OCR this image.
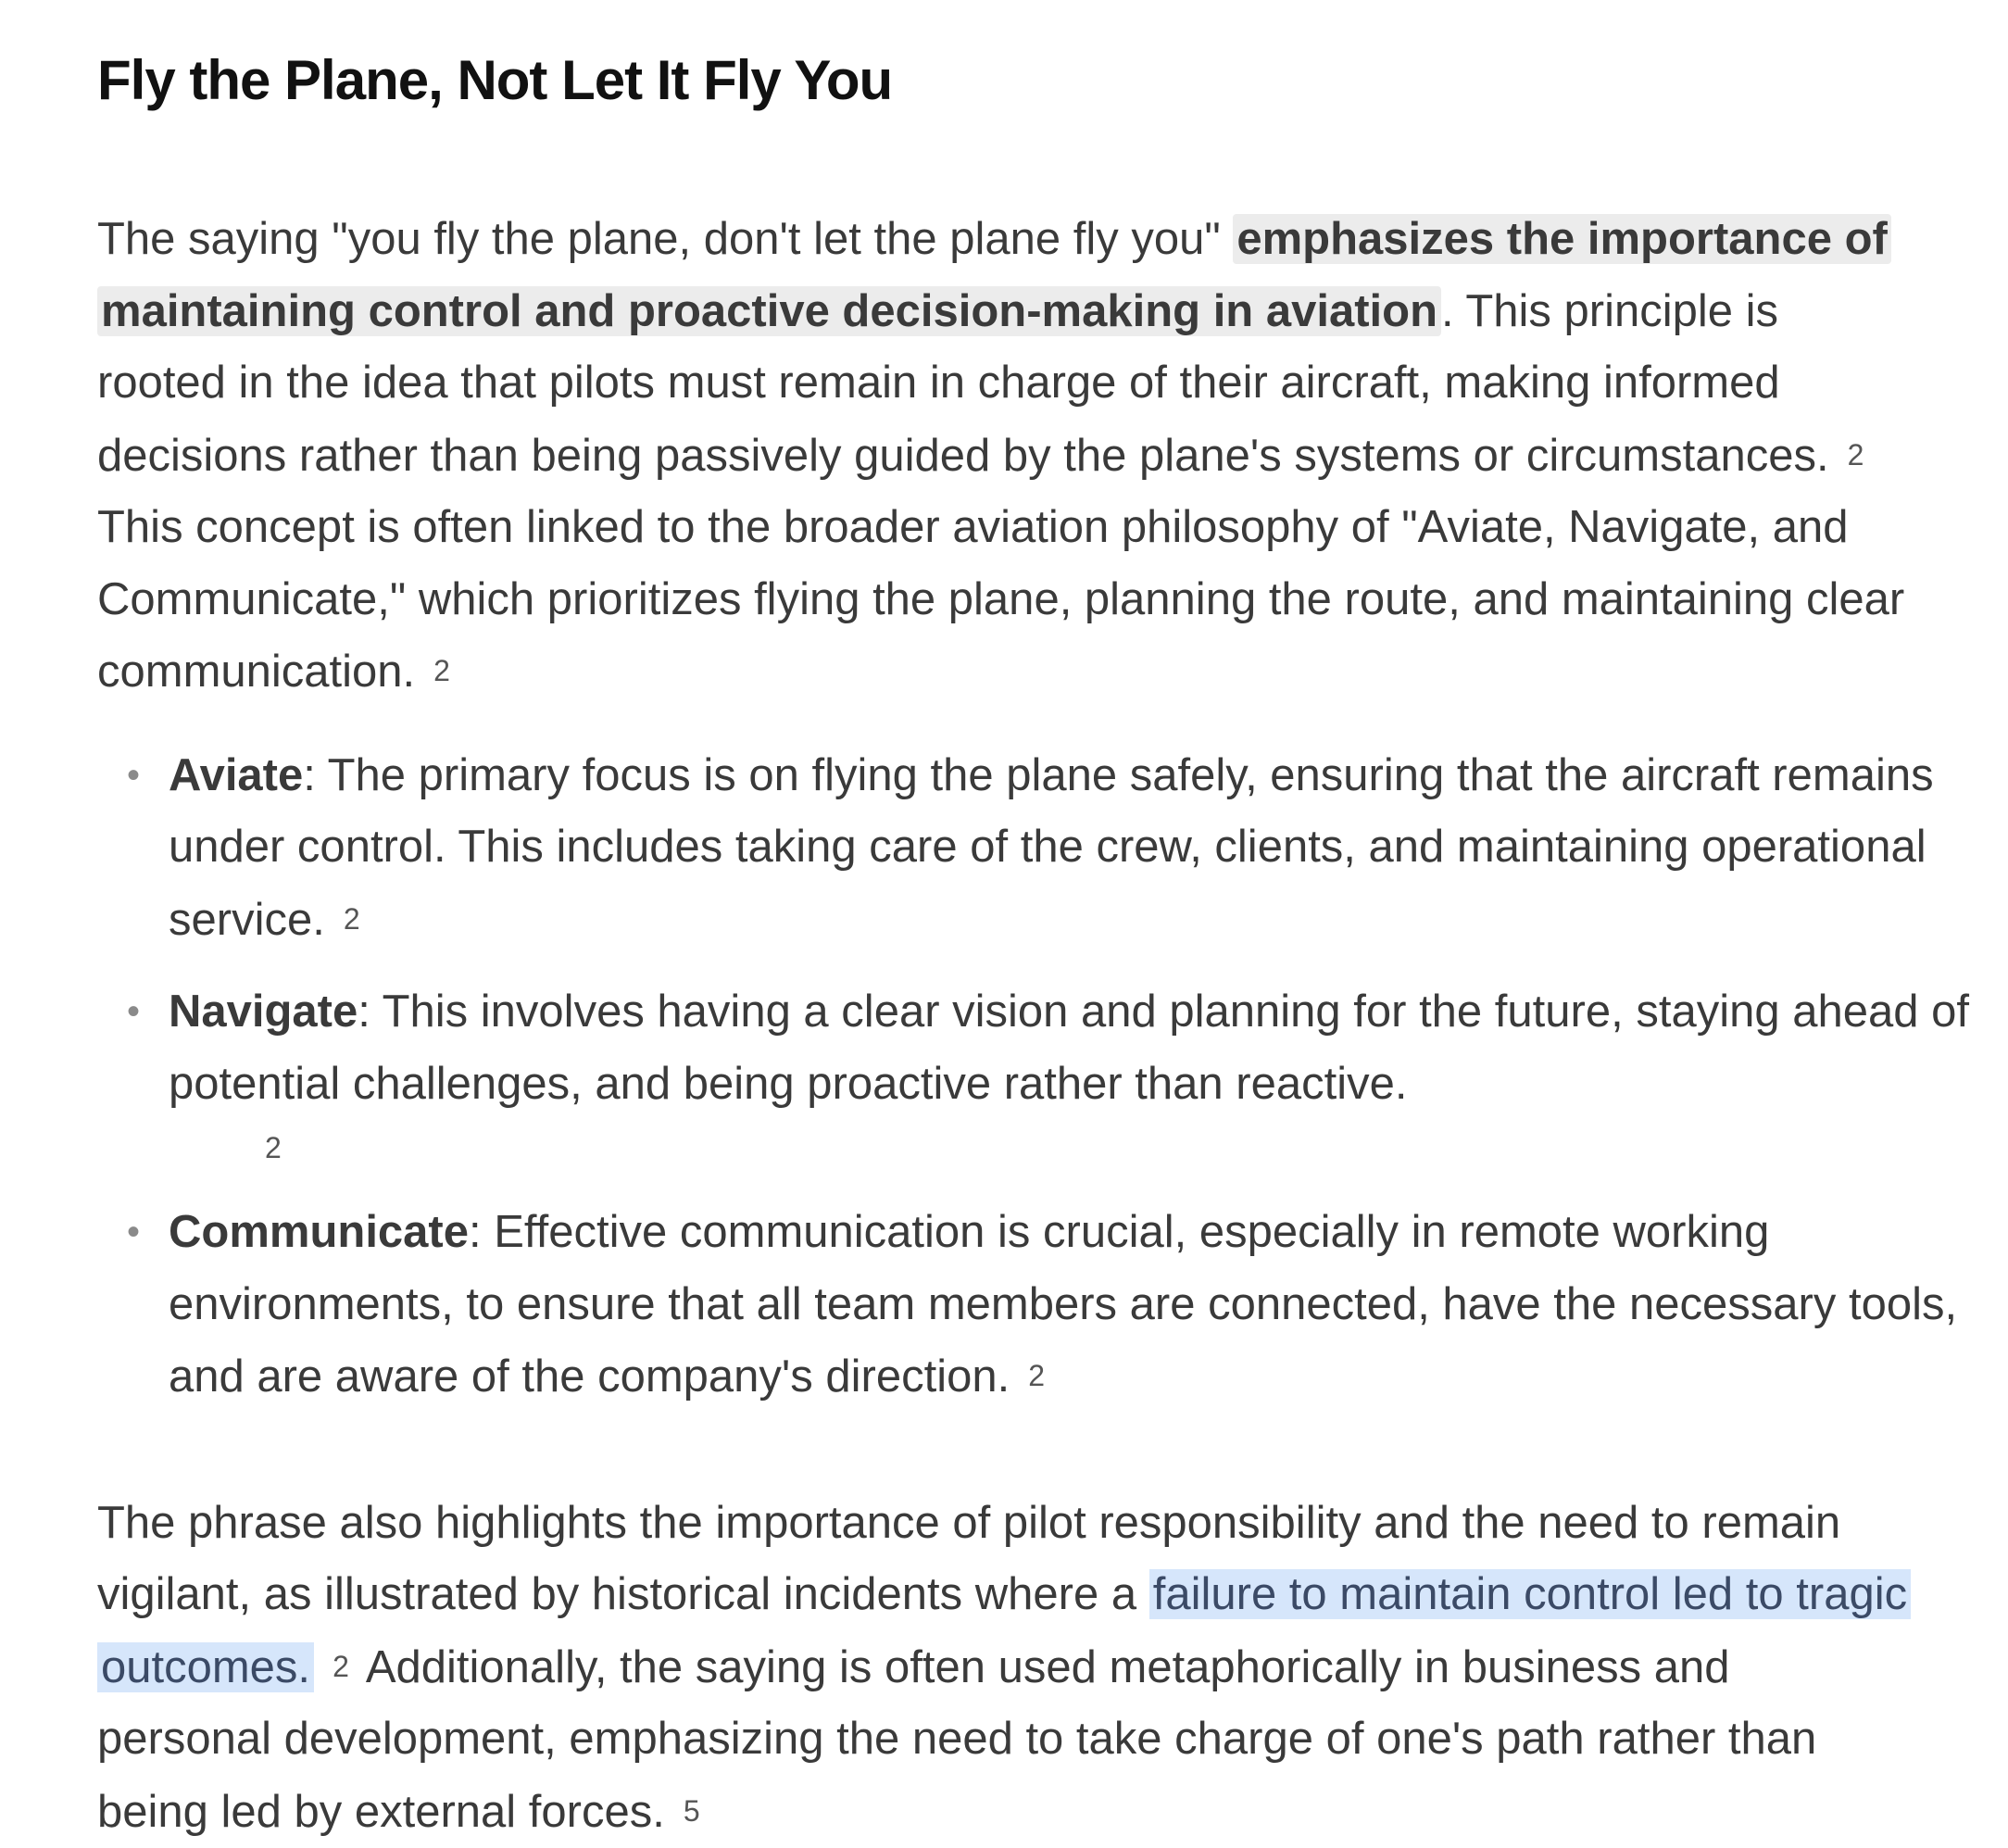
Fly the Plane, Not Let It Fly You

The saying "you fly the plane, don't let the plane fly you" emphasizes the importance of maintaining control and proactive decision-making in aviation. This principle is rooted in the idea that pilots must remain in charge of their aircraft, making informed decisions rather than being passively guided by the plane's systems or circumstances. 2This concept is often linked to the broader aviation philosophy of "Aviate, Navigate, and Communicate," which prioritizes flying the plane, planning the route, and maintaining clear communication. 2

• Aviate: The primary focus is on flying the plane safely, ensuring that the aircraft remains under control. This includes taking care of the crew, clients, and maintaining operational service. 2
• Navigate: This involves having a clear vision and planning for the future, staying ahead of potential challenges, and being proactive rather than reactive.
2
• Communicate: Effective communication is crucial, especially in remote working environments, to ensure that all team members are connected, have the necessary tools, and are aware of the company's direction. 2

The phrase also highlights the importance of pilot responsibility and the need to remain vigilant, as illustrated by historical incidents where a failure to maintain control led to tragic outcomes. 2 Additionally, the saying is often used metaphorically in business and personal development, emphasizing the need to take charge of one's path rather than being led by external forces. 5
